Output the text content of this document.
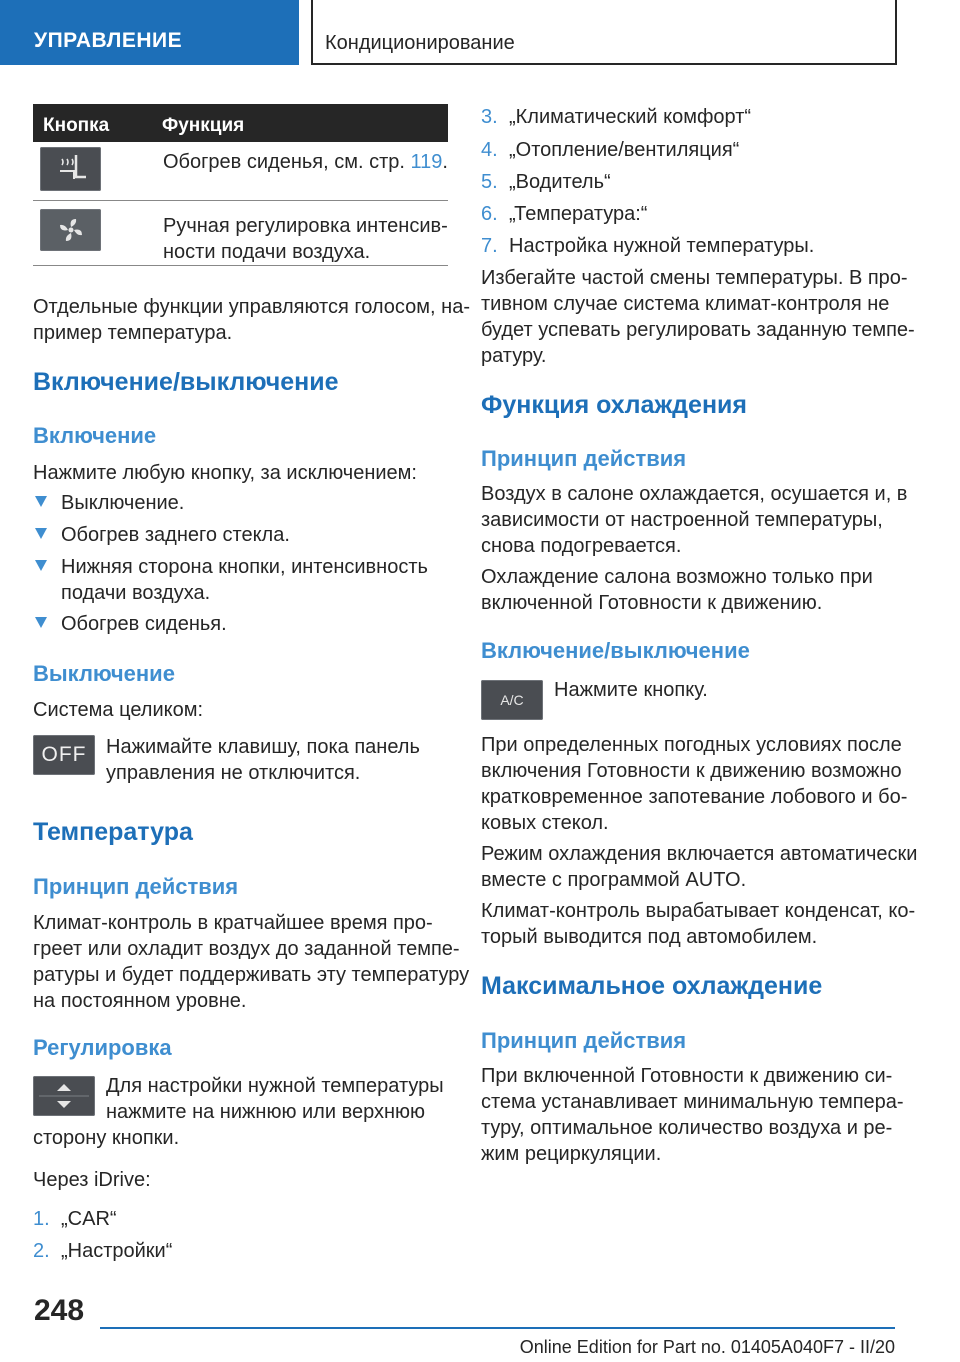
УПРАВЛЕНИЕ	Кондиционирование
Кнопка	Функция
Обогрев сиденья, см. стр. 119.
Ручная регулировка интенсив-
ности подачи воздуха.
Отдельные функции управляются голосом, на-
пример температура.
Включение/выключение
Включение
Нажмите любую кнопку, за исключением:
Выключение.
Обогрев заднего стекла.
Нижняя сторона кнопки, интенсивность
подачи воздуха.
Обогрев сиденья.
Выключение
Система целиком:
OFF Нажимайте клавишу, пока панель
управления не отключится.
Температура
Принцип действия
Климат-контроль в кратчайшее время про-
греет или охладит воздух до заданной темпе-
ратуры и будет поддерживать эту температуру
на постоянном уровне.
Регулировка
Для настройки нужной температуры
нажмите на нижнюю или верхнюю
сторону кнопки.
Через iDrive:
1. „CAR“
2. „Настройки“
3. „Климатический комфорт“
4. „Отопление/вентиляция“
5. „Водитель“
6. „Температура:“
7. Настройка нужной температуры.
Избегайте частой смены температуры. В про-
тивном случае система климат-контроля не
будет успевать регулировать заданную темпе-
ратуру.
Функция охлаждения
Принцип действия
Воздух в салоне охлаждается, осушается и, в
зависимости от настроенной температуры,
снова подогревается.
Охлаждение салона возможно только при
включенной Готовности к движению.
Включение/выключение
A/C Нажмите кнопку.
При определенных погодных условиях после
включения Готовности к движению возможно
кратковременное запотевание лобового и бо-
ковых стекол.
Режим охлаждения включается автоматически
вместе с программой AUTO.
Климат-контроль вырабатывает конденсат, ко-
торый выводится под автомобилем.
Максимальное охлаждение
Принцип действия
При включенной Готовности к движению си-
стема устанавливает минимальную темпера-
туру, оптимальное количество воздуха и ре-
жим рециркуляции.
248
Online Edition for Part no. 01405A040F7 - II/20
